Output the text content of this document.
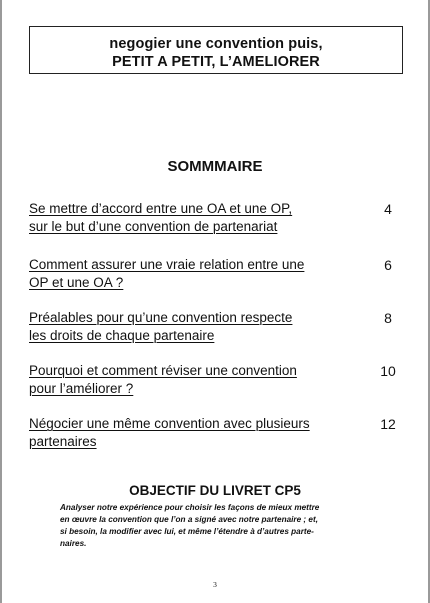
negogier une convention puis,
PETIT A PETIT, L’AMELIORER
SOMMMAIRE
Se mettre d’accord entre une OA et une OP,
sur le but d’une convention de partenariat
4
Comment assurer une vraie relation entre une
OP et une OA ?
6
Préalables pour qu’une convention respecte
les droits de chaque partenaire
8
Pourquoi et comment réviser une convention
pour l’améliorer ?
10
Négocier une même convention avec plusieurs
partenaires
12
OBJECTIF DU LIVRET CP5
Analyser notre expérience pour choisir les façons de mieux mettre
en œuvre la convention que l’on a signé avec notre partenaire ; et,
si besoin, la modifier avec lui, et même l’étendre à d’autres parte-
naires.
3
